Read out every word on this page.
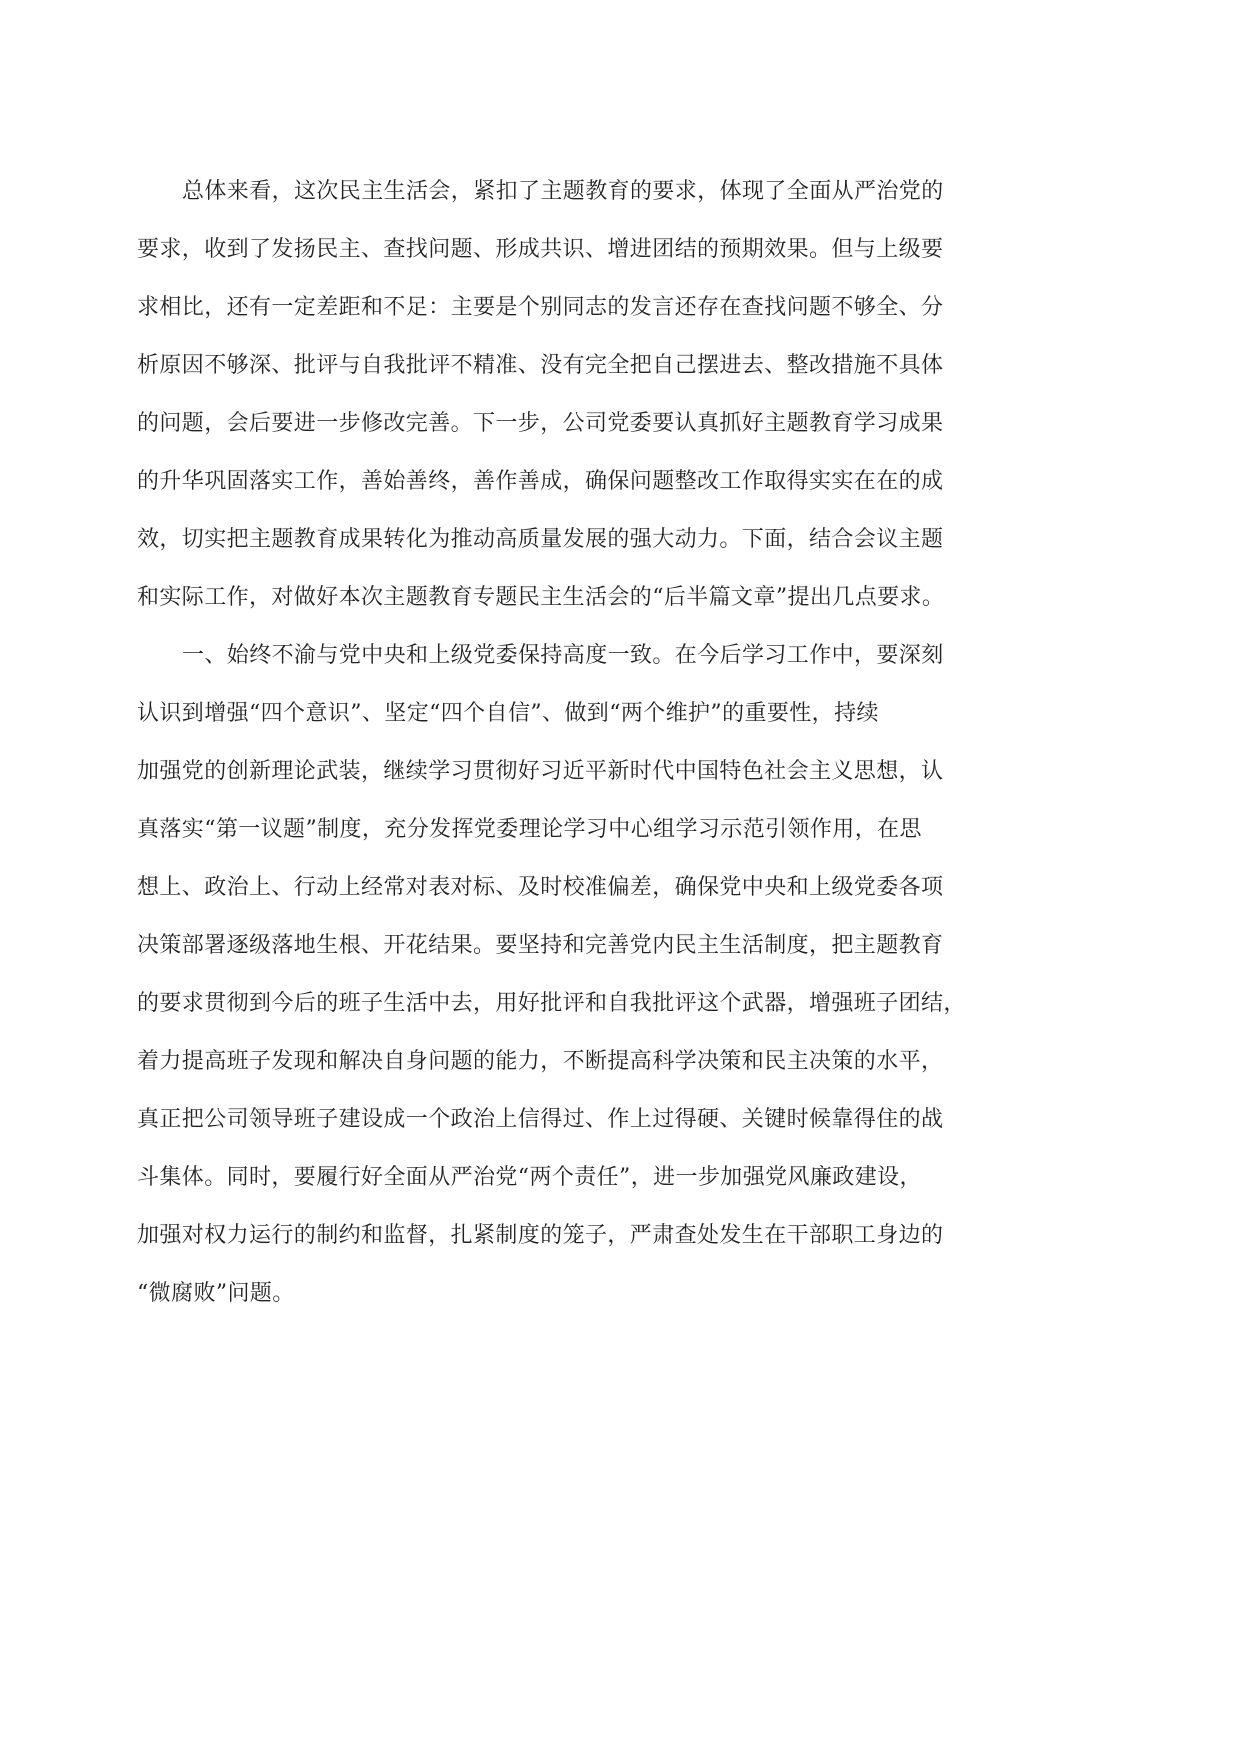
总体来看，这次民主生活会，紧扣了主题教育的要求，体现了全面从严治党的
要求，收到了发扬民主、查找问题、形成共识、增进团结的预期效果。但与上级要
求相比，还有一定差距和不足：主要是个别同志的发言还存在查找问题不够全、分
析原因不够深、批评与自我批评不精准、没有完全把自己摆进去、整改措施不具体
的问题，会后要进一步修改完善。下一步，公司党委要认真抓好主题教育学习成果
的升华巩固落实工作，善始善终，善作善成，确保问题整改工作取得实实在在的成
效，切实把主题教育成果转化为推动高质量发展的强大动力。下面，结合会议主题
和实际工作，对做好本次主题教育专题民主生活会的“后半篇文章”提出几点要求。

一、始终不渝与党中央和上级党委保持高度一致。在今后学习工作中，要深刻
认识到增强“四个意识”、坚定“四个自信”、做到“两个维护”的重要性，持续
加强党的创新理论武装，继续学习贯彻好习近平新时代中国特色社会主义思想，认
真落实“第一议题”制度，充分发挥党委理论学习中心组学习示范引领作用，在思
想上、政治上、行动上经常对表对标、及时校准偏差，确保党中央和上级党委各项
决策部署逐级落地生根、开花结果。要坚持和完善党内民主生活制度，把主题教育
的要求贯彻到今后的班子生活中去，用好批评和自我批评这个武器，增强班子团结，
着力提高班子发现和解决自身问题的能力，不断提高科学决策和民主决策的水平，
真正把公司领导班子建设成一个政治上信得过、作上过得硬、关键时候靠得住的战
斗集体。同时，要履行好全面从严治党“两个责任”，进一步加强党风廉政建设，
加强对权力运行的制约和监督，扎紧制度的笼子，严肃查处发生在干部职工身边的
“微腐败”问题。
